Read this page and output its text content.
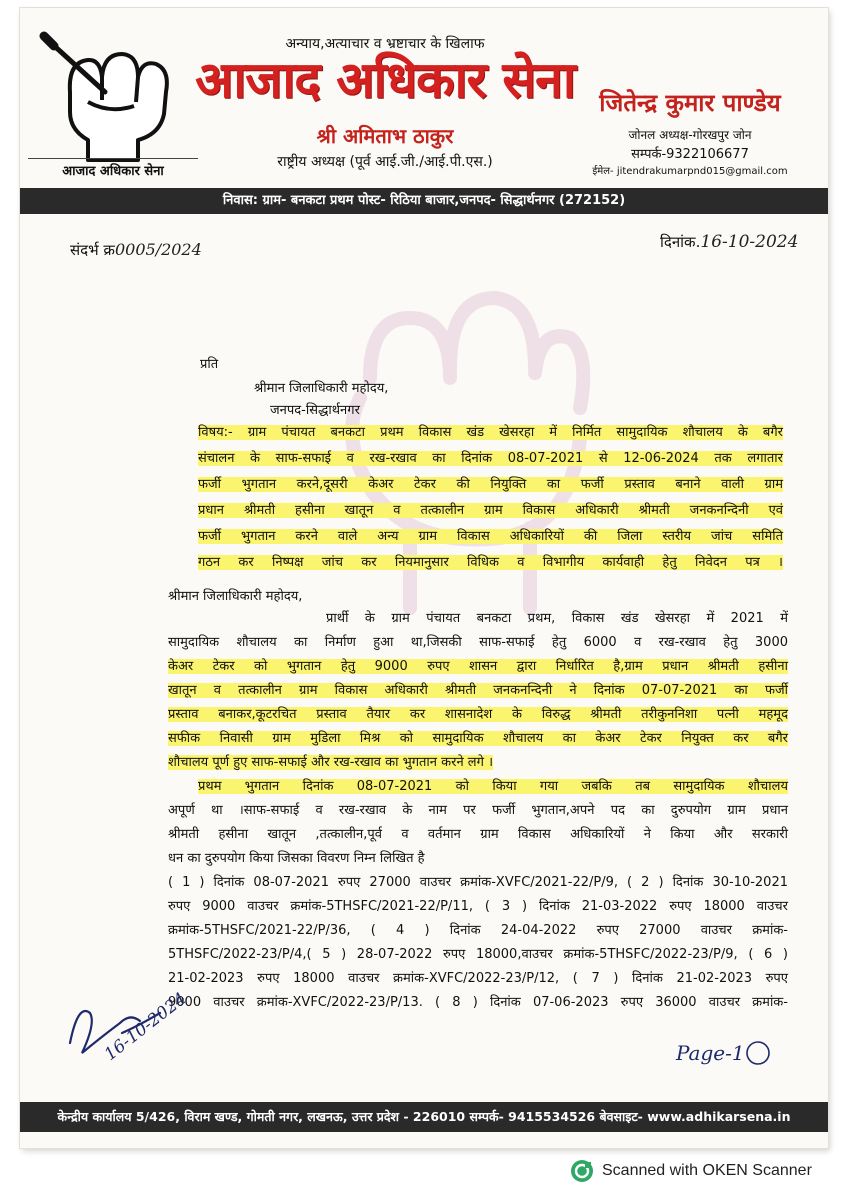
आजाद अधिकार सेना
अन्याय,अत्याचार व भ्रष्टाचार के खिलाफ
आजाद अधिकार सेना
श्री अमिताभ ठाकुर
राष्ट्रीय अध्यक्ष (पूर्व आई.जी./आई.पी.एस.)
जितेन्द्र कुमार पाण्डेय
जोनल अध्यक्ष-गोरखपुर जोन
सम्पर्क-9322106677
ईमेल- jitendrakumarpnd015@gmail.com
निवास: ग्राम- बनकटा प्रथम पोस्ट- रिठिया बाजार,जनपद- सिद्धार्थनगर (272152)
संदर्भ क्र0005/2024	दिनांक.16-10-2024
प्रति
श्रीमान जिलाधिकारी महोदय,
जनपद-सिद्धार्थनगर
विषय:- ग्राम पंचायत बनकटा प्रथम विकास खंड खेसरहा में निर्मित सामुदायिक शौचालय के बगैर
संचालन के साफ-सफाई व रख-रखाव का दिनांक 08-07-2021 से 12-06-2024 तक लगातार
फर्जी भुगतान करने,दूसरी केअर टेकर की नियुक्ति का फर्जी प्रस्ताव बनाने वाली ग्राम
प्रधान श्रीमती हसीना खातून व तत्कालीन ग्राम विकास अधिकारी श्रीमती जनकनन्दिनी एवं
फर्जी भुगतान करने वाले अन्य ग्राम विकास अधिकारियों की जिला स्तरीय जांच समिति
गठन कर निष्पक्ष जांच कर नियमानुसार विधिक व विभागीय कार्यवाही हेतु निवेदन पत्र ।
श्रीमान जिलाधिकारी महोदय,
प्रार्थी के ग्राम पंचायत बनकटा प्रथम, विकास खंड खेसरहा में 2021 में
सामुदायिक शौचालय का निर्माण हुआ था,जिसकी साफ-सफाई हेतु 6000 व रख-रखाव हेतु 3000
केअर टेकर को भुगतान हेतु 9000 रुपए शासन द्वारा निर्धारित है,ग्राम प्रधान श्रीमती हसीना
खातून व तत्कालीन ग्राम विकास अधिकारी श्रीमती जनकनन्दिनी ने दिनांक 07-07-2021 का फर्जी
प्रस्ताव बनाकर,कूटरचित प्रस्ताव तैयार कर शासनादेश के विरुद्ध श्रीमती तरीकुननिशा पत्नी महमूद
सफीक निवासी ग्राम मुडिला मिश्र को सामुदायिक शौचालय का केअर टेकर नियुक्त कर बगैर
शौचालय पूर्ण हुए साफ-सफाई और रख-रखाव का भुगतान करने लगे ।
प्रथम भुगतान दिनांक 08-07-2021 को किया गया जबकि तब सामुदायिक शौचालय
अपूर्ण था ।साफ-सफाई व रख-रखाव के नाम पर फर्जी भुगतान,अपने पद का दुरुपयोग ग्राम प्रधान
श्रीमती हसीना खातून ,तत्कालीन,पूर्व व वर्तमान ग्राम विकास अधिकारियों ने किया और सरकारी
धन का दुरुपयोग किया जिसका विवरण निम्न लिखित है
( 1 ) दिनांक 08-07-2021 रुपए 27000 वाउचर क्रमांक-XVFC/2021-22/P/9, ( 2 ) दिनांक 30-10-2021
रुपए 9000 वाउचर क्रमांक-5THSFC/2021-22/P/11, ( 3 ) दिनांक 21-03-2022 रुपए 18000 वाउचर
क्रमांक-5THSFC/2021-22/P/36, ( 4 ) दिनांक 24-04-2022 रुपए 27000 वाउचर क्रमांक-
5THSFC/2022-23/P/4,( 5 ) 28-07-2022 रुपए 18000,वाउचर क्रमांक-5THSFC/2022-23/P/9, ( 6 )
21-02-2023 रुपए 18000 वाउचर क्रमांक-XVFC/2022-23/P/12, ( 7 ) दिनांक 21-02-2023 रुपए
9000 वाउचर क्रमांक-XVFC/2022-23/P/13. ( 8 ) दिनांक 07-06-2023 रुपए 36000 वाउचर क्रमांक-
16-10-2024	Page-1
केन्द्रीय कार्यालय 5/426, विराम खण्ड, गोमती नगर, लखनऊ, उत्तर प्रदेश - 226010 सम्पर्क- 9415534526 बेवसाइट- www.adhikarsena.in
Scanned with OKEN Scanner
